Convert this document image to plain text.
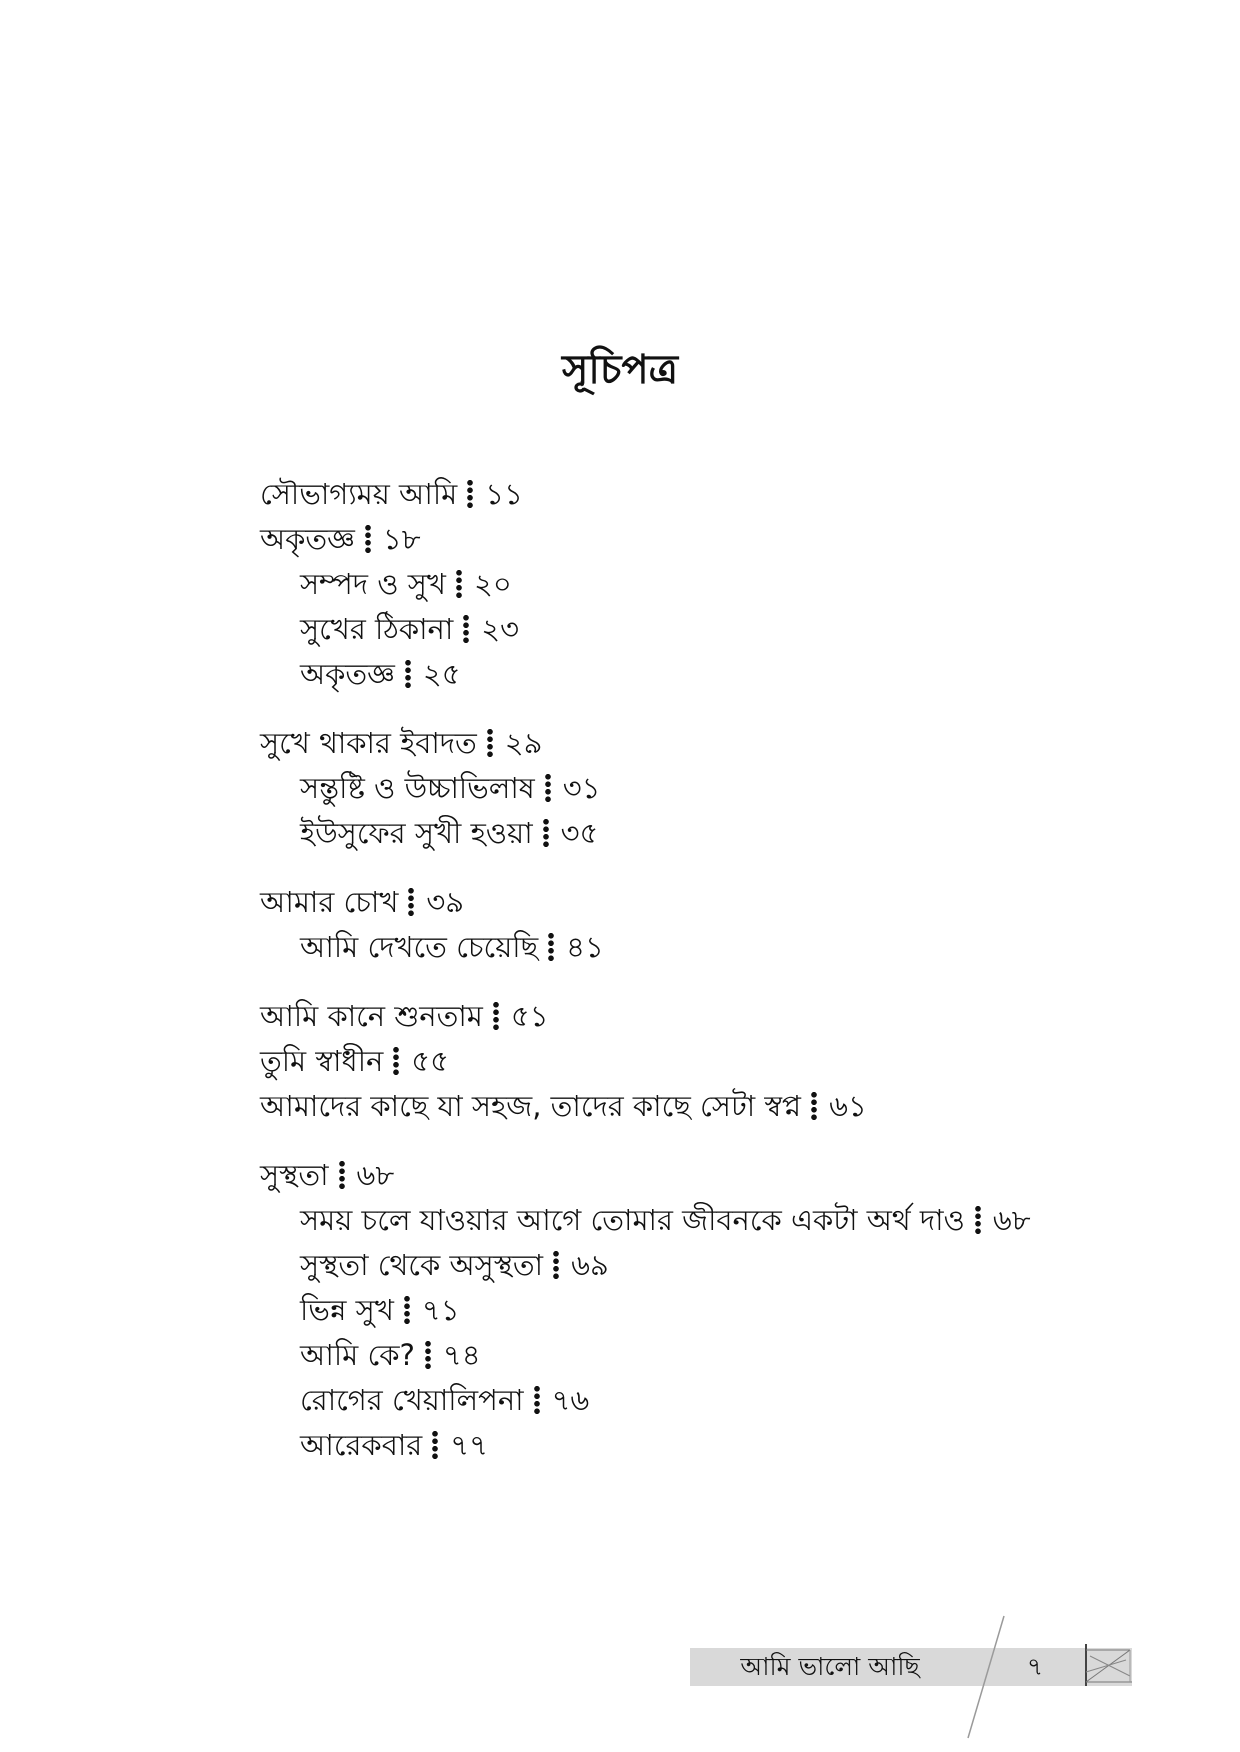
সূচিপত্র
সৌভাগ্যময় আমি ১১
অকৃতজ্ঞ ১৮
সম্পদ ও সুখ ২০
সুখের ঠিকানা ২৩
অকৃতজ্ঞ ২৫
সুখে থাকার ইবাদত ২৯
সন্তুষ্টি ও উচ্চাভিলাষ ৩১
ইউসুফের সুখী হওয়া ৩৫
আমার চোখ ৩৯
আমি দেখতে চেয়েছি ৪১
আমি কানে শুনতাম ৫১
তুমি স্বাধীন ৫৫
আমাদের কাছে যা সহজ, তাদের কাছে সেটা স্বপ্ন ৬১
সুস্থতা ৬৮
সময় চলে যাওয়ার আগে তোমার জীবনকে একটা অর্থ দাও ৬৮
সুস্থতা থেকে অসুস্থতা ৬৯
ভিন্ন সুখ ৭১
আমি কে? ৭৪
রোগের খেয়ালিপনা ৭৬
আরেকবার ৭৭
আমি ভালো আছি	৭
